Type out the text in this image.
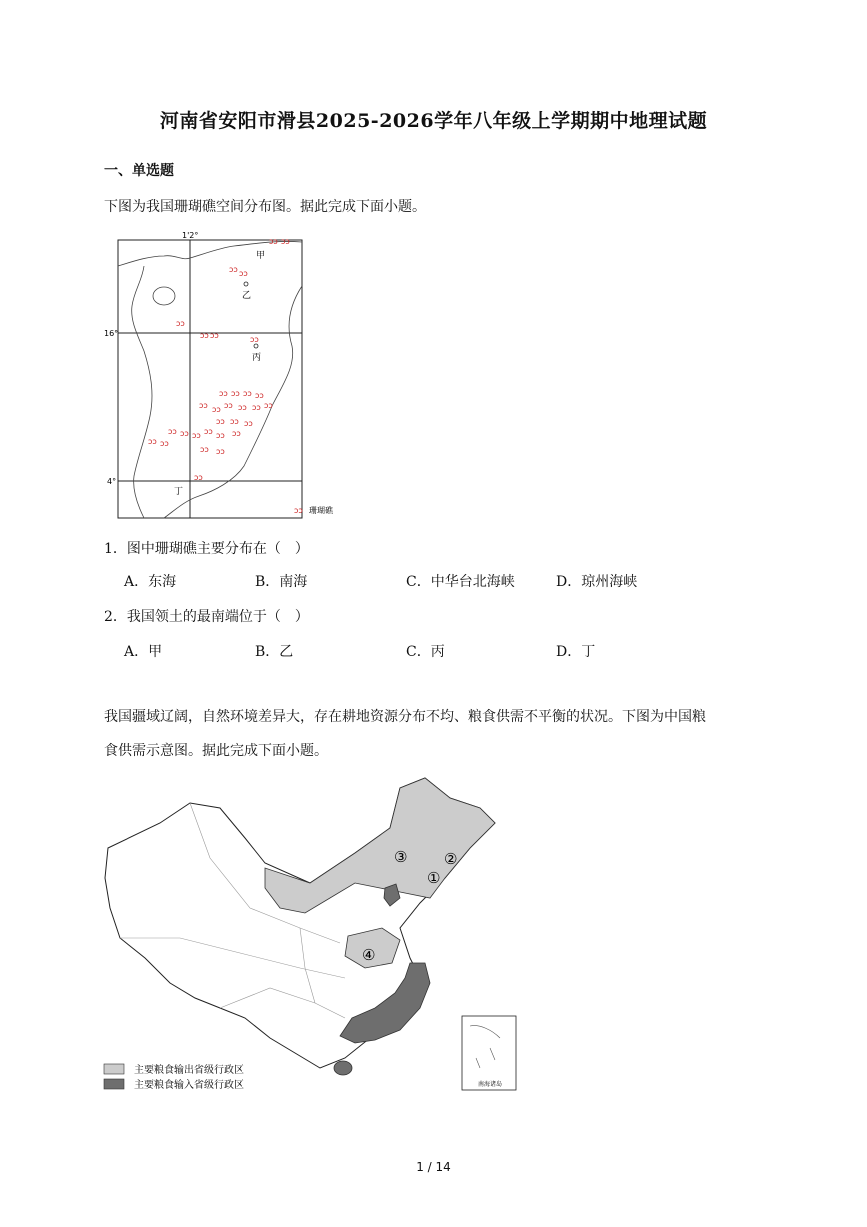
河南省安阳市滑县2025-2026学年八年级上学期期中地理试题
一、单选题
下图为我国珊瑚礁空间分布图。据此完成下面小题。
1'2°
16°
4°
甲
乙
丙
丁
ↄↄ ↄↄ
ↄↄ ↄↄ
ↄↄ
ↄↄ ↄↄ	ↄↄ
ↄↄ ↄↄ ↄↄ ↄↄ
ↄↄ ↄↄ ↄↄ ↄↄ
ↄↄ ↄↄ
ↄↄ ↄↄ ↄↄ
ↄↄ ↄↄ ↄↄ
ↄↄ ↄↄ
ↄↄ ↄↄ ↄↄ
ↄↄ ↄↄ
ↄↄ
ↄↄ 珊瑚礁
1．图中珊瑚礁主要分布在（　）
A．东海	B．南海	C．中华台北海峡	D．琼州海峡
2．我国领土的最南端位于（　）
A．甲	B．乙	C．丙	D．丁
我国疆域辽阔，自然环境差异大，存在耕地资源分布不均、粮食供需不平衡的状况。下图为中国粮
食供需示意图。据此完成下面小题。
③ ②
①
④
南海诸岛
主要粮食输出省级行政区
主要粮食输入省级行政区
1 / 14
